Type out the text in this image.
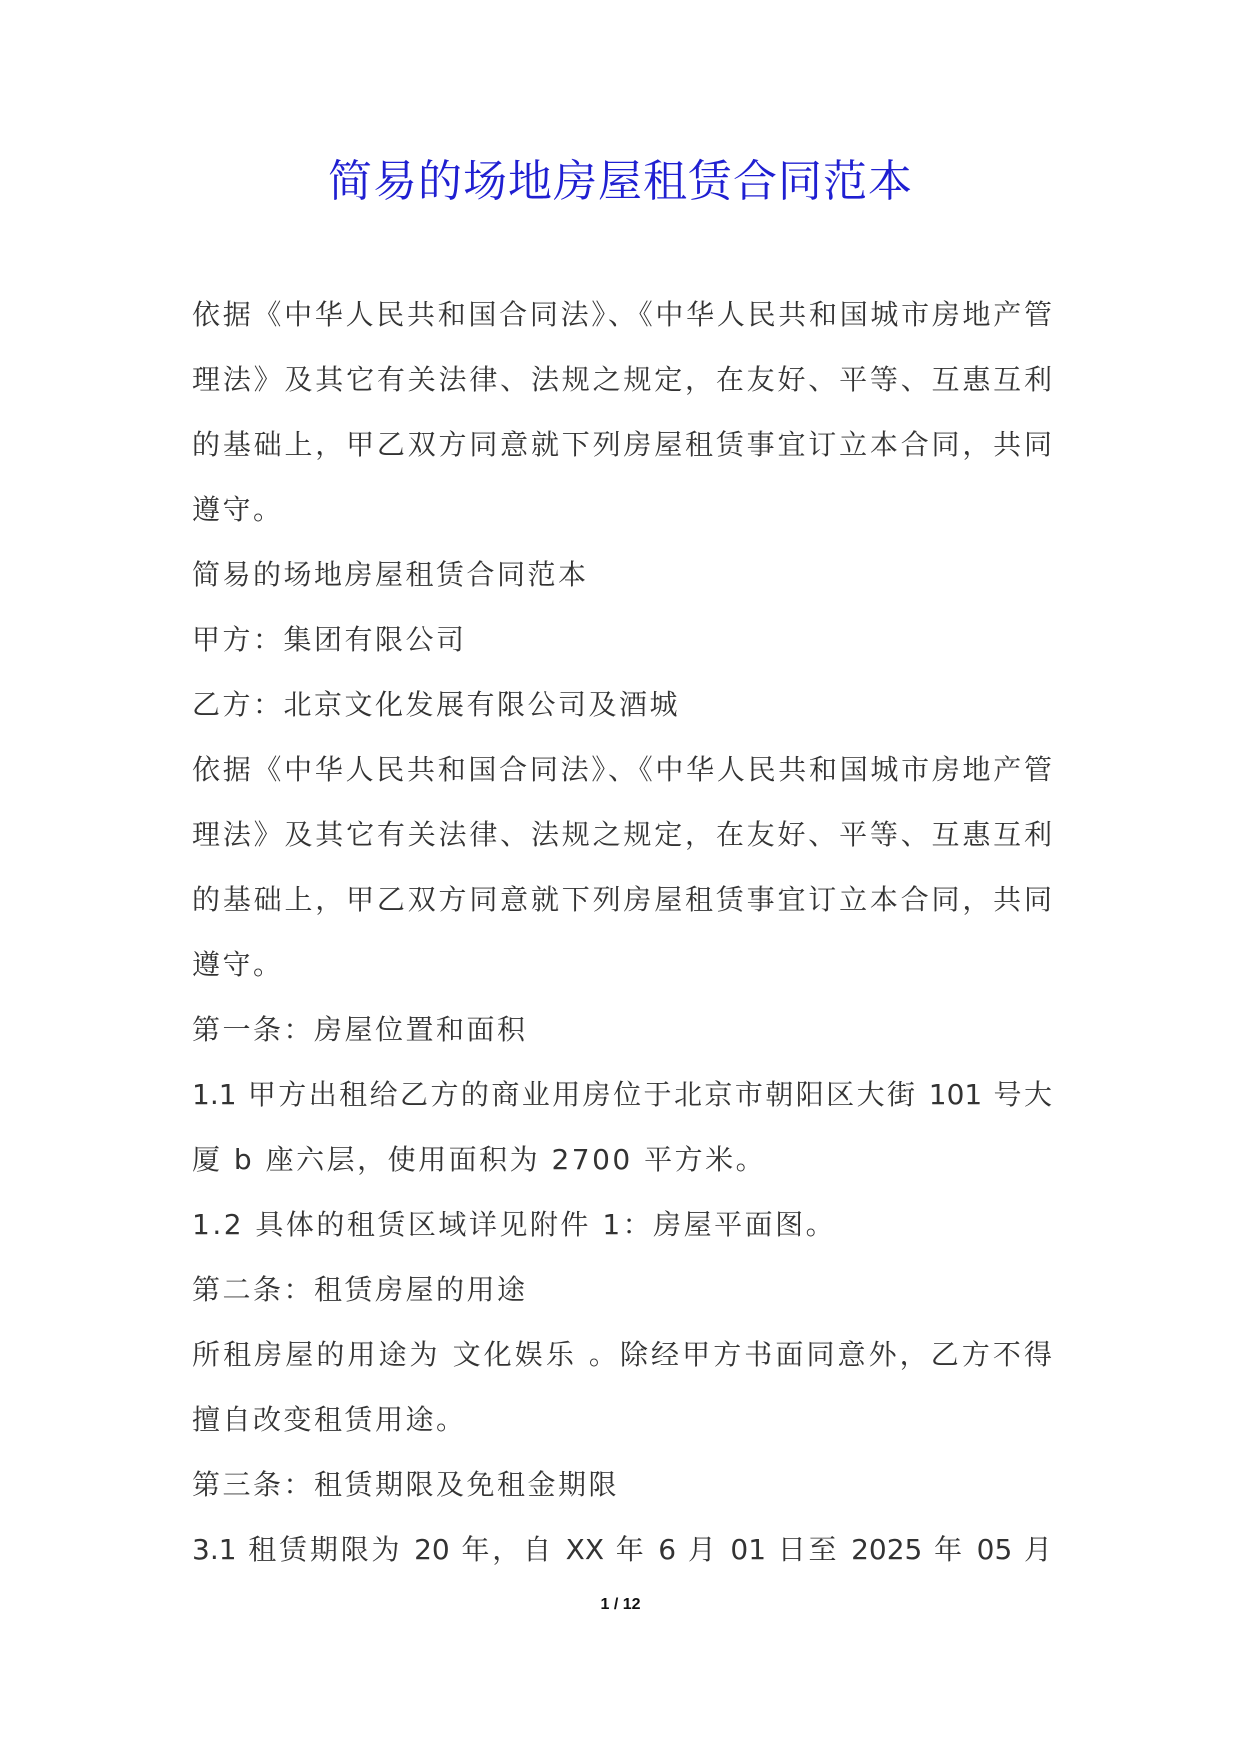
简易的场地房屋租赁合同范本

依据《中华人民共和国合同法》、《中华人民共和国城市房地产管

理法》及其它有关法律、法规之规定，在友好、平等、互惠互利

的基础上，甲乙双方同意就下列房屋租赁事宜订立本合同，共同

遵守。

简易的场地房屋租赁合同范本

甲方：集团有限公司

乙方：北京文化发展有限公司及酒城

依据《中华人民共和国合同法》、《中华人民共和国城市房地产管

理法》及其它有关法律、法规之规定，在友好、平等、互惠互利

的基础上，甲乙双方同意就下列房屋租赁事宜订立本合同，共同

遵守。

第一条：房屋位置和面积

1.1 甲方出租给乙方的商业用房位于北京市朝阳区大街 101 号大

厦 b 座六层，使用面积为 2700 平方米。

1.2 具体的租赁区域详见附件 1：房屋平面图。

第二条：租赁房屋的用途

所租房屋的用途为 文化娱乐 。除经甲方书面同意外，乙方不得

擅自改变租赁用途。

第三条：租赁期限及免租金期限

3.1 租赁期限为 20 年，自 XX 年 6 月 01 日至 2025 年 05 月

1 / 12
